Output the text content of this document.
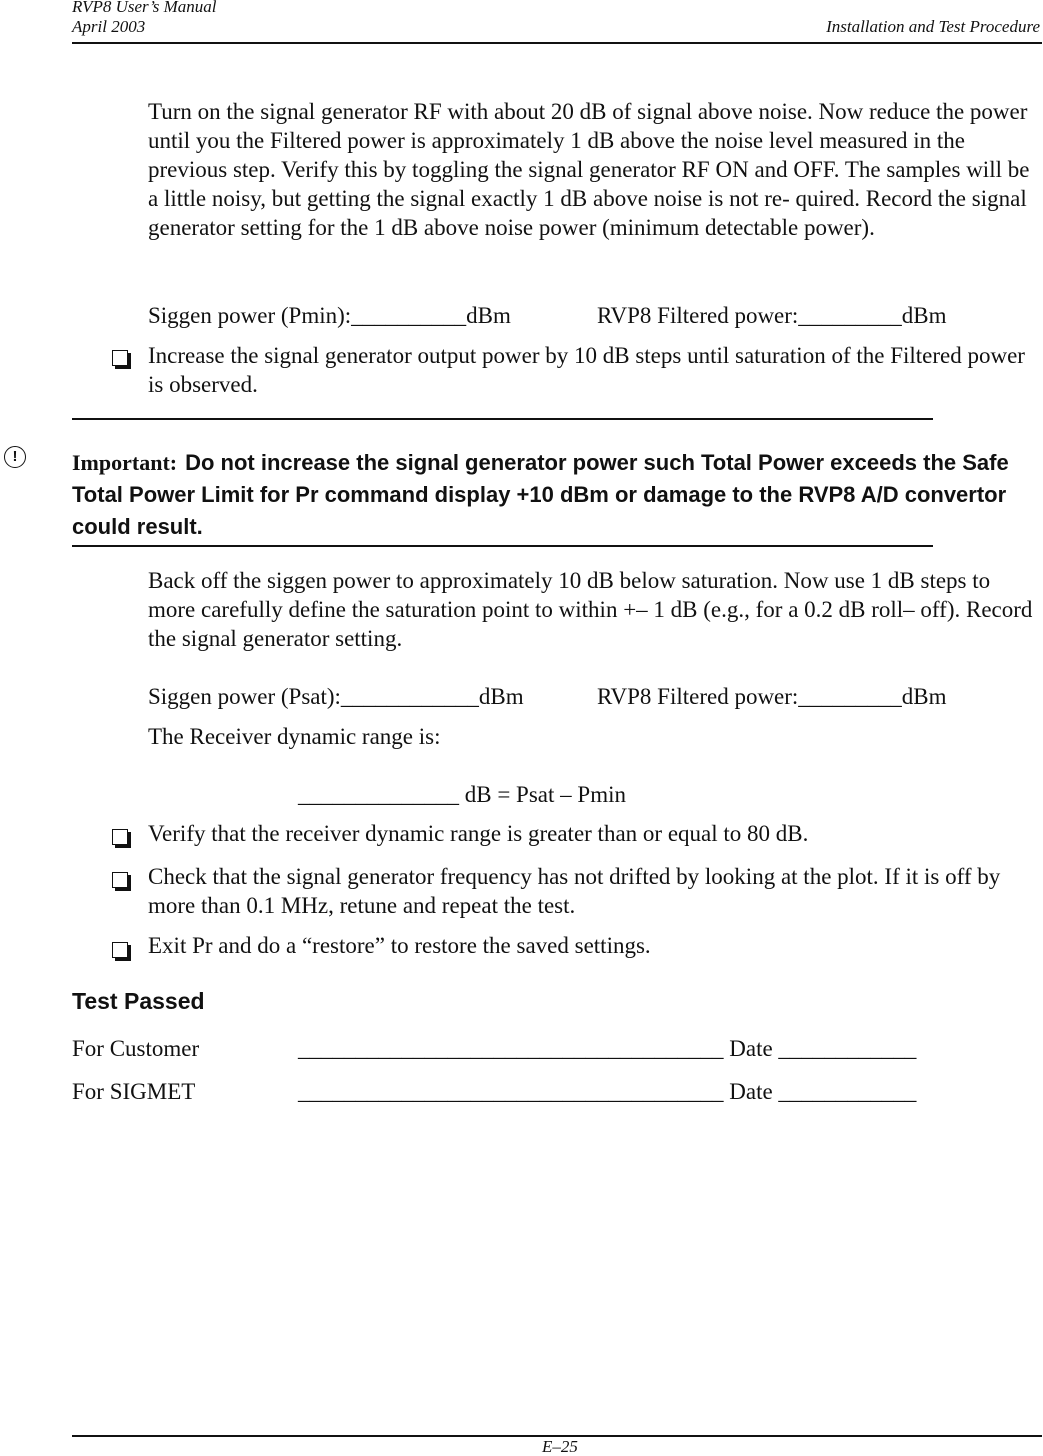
RVP8 User’s Manual
April 2003	Installation and Test Procedure
Turn on the signal generator RF with about 20 dB of signal above noise. Now reduce the power until you the Filtered power is approximately 1 dB above the noise level measured in the previous step. Verify this by toggling the signal generator RF ON and OFF. The samples will be a little noisy, but getting the signal exactly 1 dB above noise is not re- quired. Record the signal generator setting for the 1 dB above noise power (minimum detectable power).
Siggen power (Pmin):__________dBm	RVP8 Filtered power:_________dBm
Increase the signal generator output power by 10 dB steps until saturation of the Filtered power is observed.
!	Important: Do not increase the signal generator power such Total Power exceeds the Safe Total Power Limit for Pr command display +10 dBm or damage to the RVP8 A/D convertor could result.
Back off the siggen power to approximately 10 dB below saturation. Now use 1 dB steps to more carefully define the saturation point to within +– 1 dB (e.g., for a 0.2 dB roll– off). Record the signal generator setting.
Siggen power (Psat):____________dBm	RVP8 Filtered power:_________dBm
The Receiver dynamic range is:
______________ dB = Psat – Pmin
Verify that the receiver dynamic range is greater than or equal to 80 dB.
Check that the signal generator frequency has not drifted by looking at the plot. If it is off by more than 0.1 MHz, retune and repeat the test.
Exit Pr and do a “restore” to restore the saved settings.
Test Passed
For Customer	_____________________________________ Date ____________
For SIGMET	_____________________________________ Date ____________
E–25
